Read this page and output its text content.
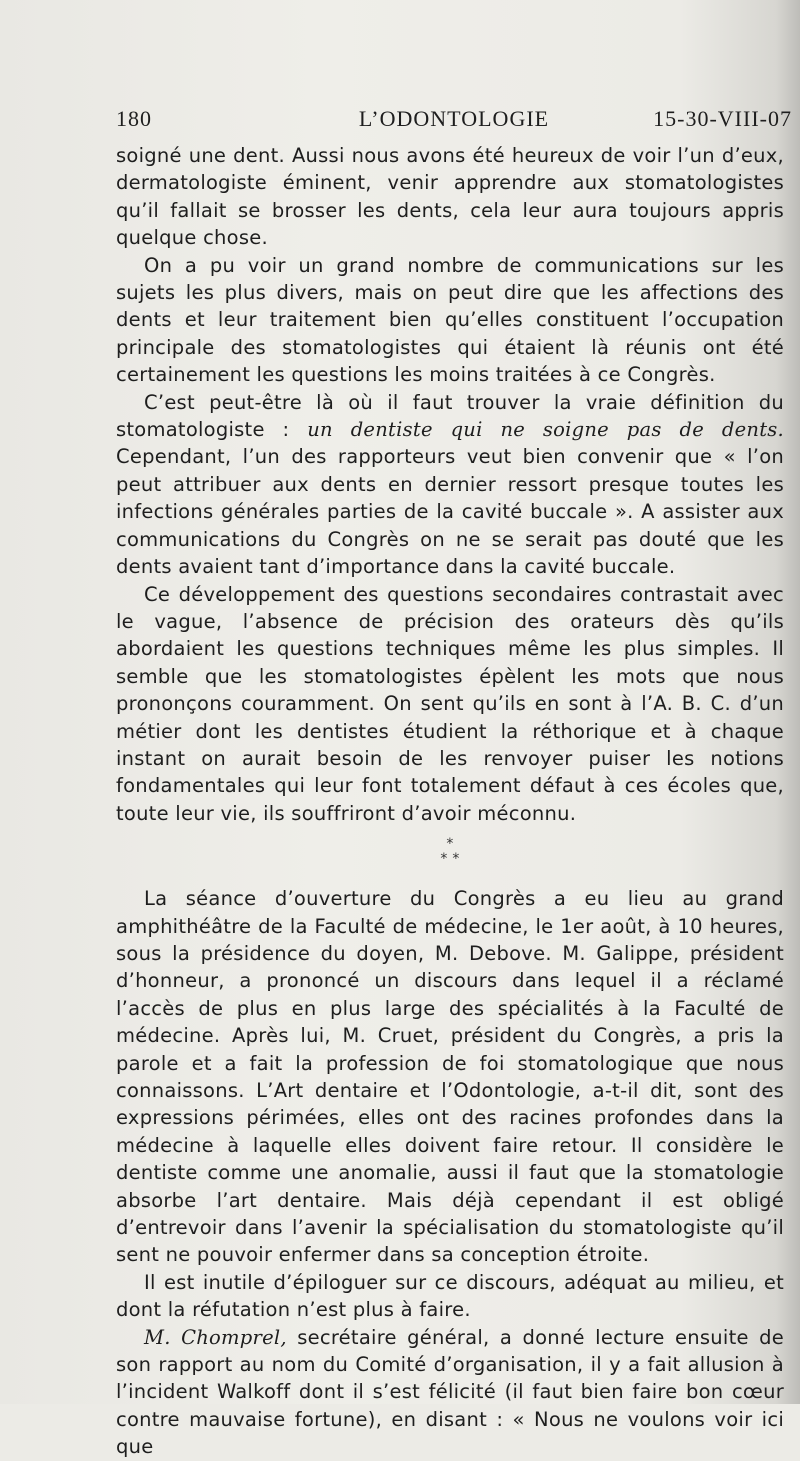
180	L’ODONTOLOGIE	15-30-VIII-07

soigné une dent. Aussi nous avons été heureux de voir l’un d’eux, dermatologiste éminent, venir apprendre aux stomatologistes qu’il fallait se brosser les dents, cela leur aura toujours appris quelque chose.

On a pu voir un grand nombre de communications sur les sujets les plus divers, mais on peut dire que les affections des dents et leur traitement bien qu’elles constituent l’occupation principale des stomatologistes qui étaient là réunis ont été certainement les questions les moins traitées à ce Congrès.

C’est peut-être là où il faut trouver la vraie définition du stomatologiste : un dentiste qui ne soigne pas de dents. Cependant, l’un des rapporteurs veut bien convenir que « l’on peut attribuer aux dents en dernier ressort presque toutes les infections générales parties de la cavité buccale ». A assister aux communications du Congrès on ne se serait pas douté que les dents avaient tant d’importance dans la cavité buccale.

Ce développement des questions secondaires contrastait avec le vague, l’absence de précision des orateurs dès qu’ils abordaient les questions techniques même les plus simples. Il semble que les stomatologistes épèlent les mots que nous prononçons couramment. On sent qu’ils en sont à l’A. B. C. d’un métier dont les dentistes étudient la réthorique et à chaque instant on aurait besoin de les renvoyer puiser les notions fondamentales qui leur font totalement défaut à ces écoles que, toute leur vie, ils souffriront d’avoir méconnu.

*
* *

La séance d’ouverture du Congrès a eu lieu au grand amphithéâtre de la Faculté de médecine, le 1er août, à 10 heures, sous la présidence du doyen, M. Debove. M. Galippe, président d’honneur, a prononcé un discours dans lequel il a réclamé l’accès de plus en plus large des spécialités à la Faculté de médecine. Après lui, M. Cruet, président du Congrès, a pris la parole et a fait la profession de foi stomatologique que nous connaissons. L’Art dentaire et l’Odontologie, a-t-il dit, sont des expressions périmées, elles ont des racines profondes dans la médecine à laquelle elles doivent faire retour. Il considère le dentiste comme une anomalie, aussi il faut que la stomatologie absorbe l’art dentaire. Mais déjà cependant il est obligé d’entrevoir dans l’avenir la spécialisation du stomatologiste qu’il sent ne pouvoir enfermer dans sa conception étroite.

Il est inutile d’épiloguer sur ce discours, adéquat au milieu, et dont la réfutation n’est plus à faire.

M. Chomprel, secrétaire général, a donné lecture ensuite de son rapport au nom du Comité d’organisation, il y a fait allusion à l’incident Walkoff dont il s’est félicité (il faut bien faire bon cœur contre mauvaise fortune), en disant : « Nous ne voulons voir ici que
